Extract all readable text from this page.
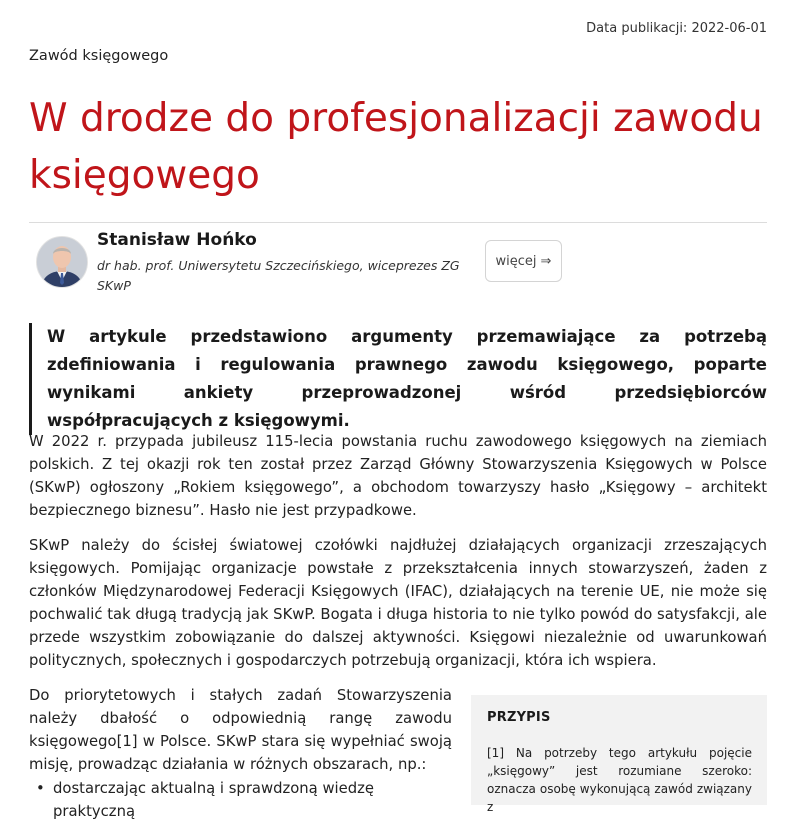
Data publikacji: 2022-06-01
Zawód księgowego
W drodze do profesjonalizacji zawodu księgowego
Stanisław Hońko
dr hab. prof. Uniwersytetu Szczecińskiego, wiceprezes ZG SKwP
więcej ⇒
W artykule przedstawiono argumenty przemawiające za potrzebą zdefiniowania i regulowania prawnego zawodu księgowego, poparte wynikami ankiety przeprowadzonej wśród przedsiębiorców współpracujących z księgowymi.

W 2022 r. przypada jubileusz 115-lecia powstania ruchu zawodowego księgowych na ziemiach polskich. Z tej okazji rok ten został przez Zarząd Główny Stowarzyszenia Księgowych w Polsce (SKwP) ogłoszony „Rokiem księgowego”, a obchodom towarzyszy hasło „Księgowy – architekt bezpiecznego biznesu”. Hasło nie jest przypadkowe.

SKwP należy do ścisłej światowej czołówki najdłużej działających organizacji zrzeszających księgowych. Pomijając organizacje powstałe z przekształcenia innych stowarzyszeń, żaden z członków Międzynarodowej Federacji Księgowych (IFAC), działających na terenie UE, nie może się pochwalić tak długą tradycją jak SKwP. Bogata i długa historia to nie tylko powód do satysfakcji, ale przede wszystkim zobowiązanie do dalszej aktywności. Księgowi niezależnie od uwarunkowań politycznych, społecznych i gospodarczych potrzebują organizacji, która ich wspiera.

Do priorytetowych i stałych zadań Stowarzyszenia należy dbałość o odpowiednią rangę zawodu księgowego[1] w Polsce. SKwP stara się wypełniać swoją misję, prowadząc działania w różnych obszarach, np.:

• dostarczając aktualną i sprawdzoną wiedzę praktyczną
PRZYPIS
[1] Na potrzeby tego artykułu pojęcie „księgowy” jest rozumiane szeroko: oznacza osobę wykonującą zawód związany z
